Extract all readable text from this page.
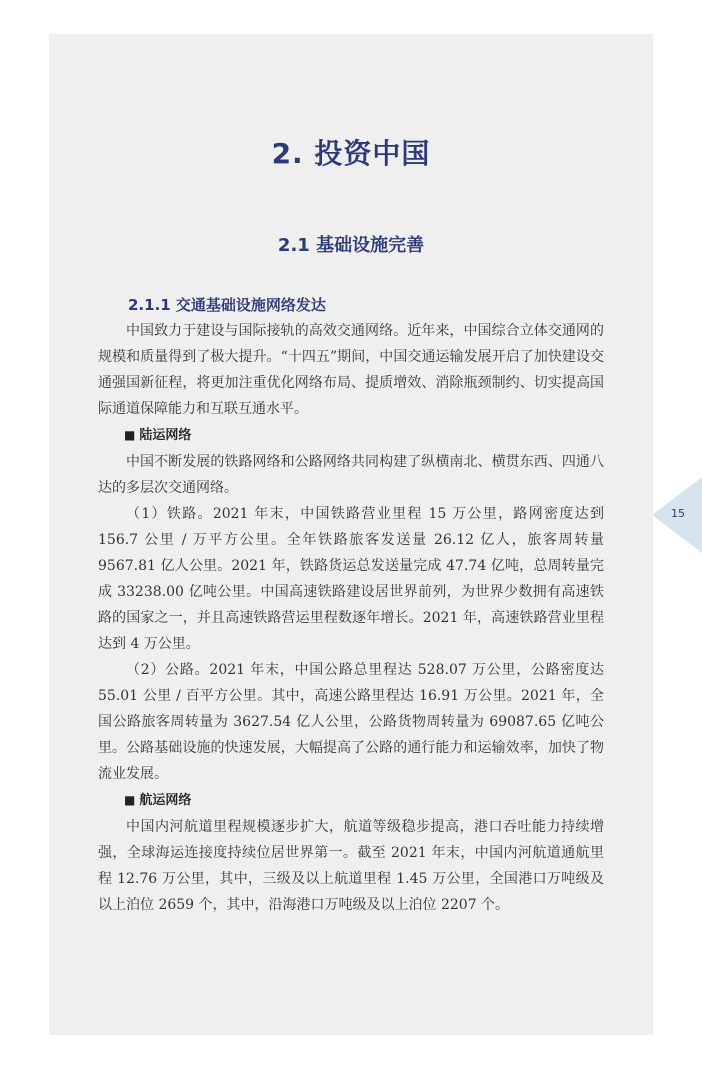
2. 投资中国
2.1 基础设施完善
2.1.1 交通基础设施网络发达

中国致力于建设与国际接轨的高效交通网络。近年来，中国综合立体交通网的规模和质量得到了极大提升。“十四五”期间，中国交通运输发展开启了加快建设交通强国新征程，将更加注重优化网络布局、提质增效、消除瓶颈制约、切实提高国际通道保障能力和互联互通水平。

■ 陆运网络

中国不断发展的铁路网络和公路网络共同构建了纵横南北、横贯东西、四通八达的多层次交通网络。

（1）铁路。2021 年末，中国铁路营业里程 15 万公里，路网密度达到 156.7 公里 / 万平方公里。全年铁路旅客发送量 26.12 亿人，旅客周转量 9567.81 亿人公里。2021 年，铁路货运总发送量完成 47.74 亿吨，总周转量完成 33238.00 亿吨公里。中国高速铁路建设居世界前列，为世界少数拥有高速铁路的国家之一，并且高速铁路营运里程数逐年增长。2021 年，高速铁路营业里程达到 4 万公里。

（2）公路。2021 年末，中国公路总里程达 528.07 万公里，公路密度达 55.01 公里 / 百平方公里。其中，高速公路里程达 16.91 万公里。2021 年，全国公路旅客周转量为 3627.54 亿人公里，公路货物周转量为 69087.65 亿吨公里。公路基础设施的快速发展，大幅提高了公路的通行能力和运输效率，加快了物流业发展。

■ 航运网络

中国内河航道里程规模逐步扩大，航道等级稳步提高，港口吞吐能力持续增强，全球海运连接度持续位居世界第一。截至 2021 年末，中国内河航道通航里程 12.76 万公里，其中，三级及以上航道里程 1.45 万公里，全国港口万吨级及以上泊位 2659 个，其中，沿海港口万吨级及以上泊位 2207 个。

15
